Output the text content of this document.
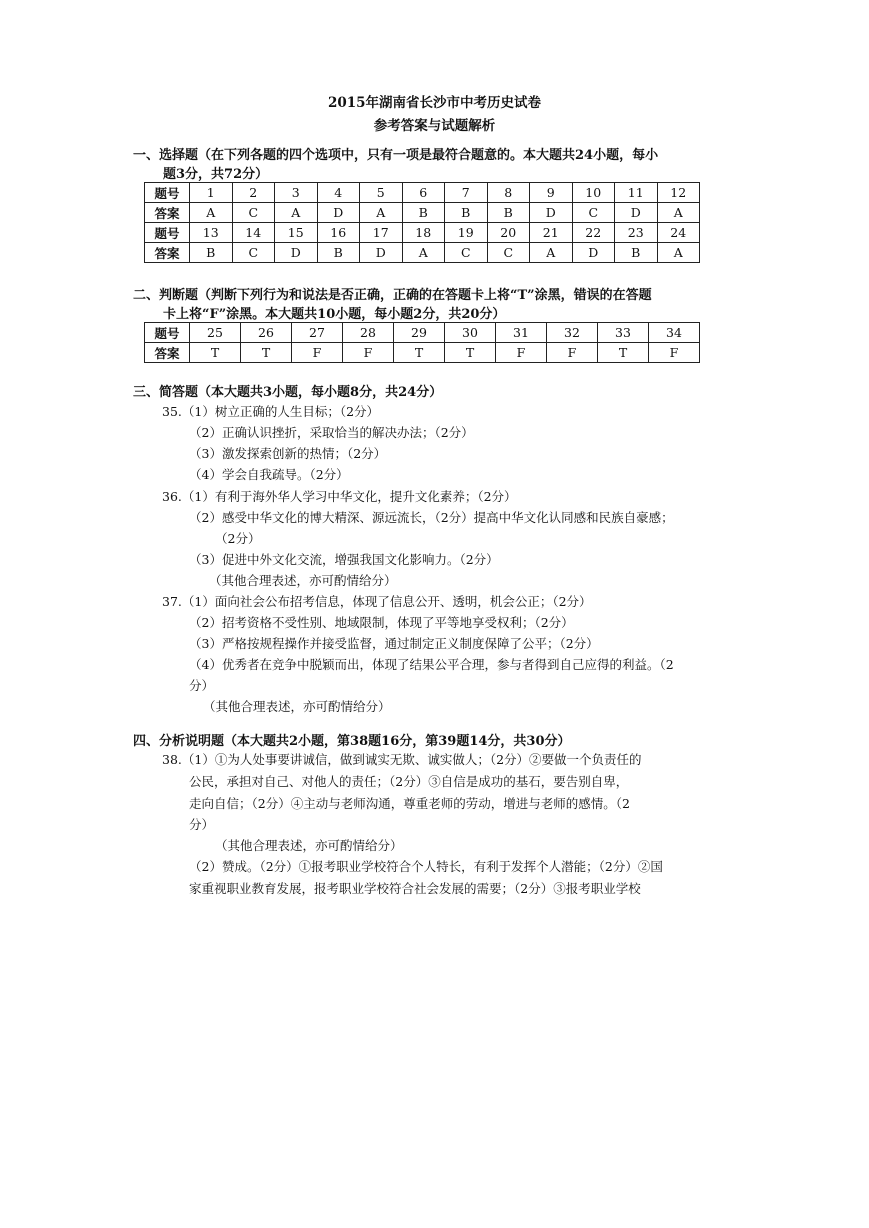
2015年湖南省长沙市中考历史试卷
参考答案与试题解析
一、选择题（在下列各题的四个选项中，只有一项是最符合题意的。本大题共24小题，每小
题3分，共72分）
题号	1	2	3	4	5	6	7	8	9	10	11	12
答案	A	C	A	D	A	B	B	B	D	C	D	A
题号	13	14	15	16	17	18	19	20	21	22	23	24
答案	B	C	D	B	D	A	C	C	A	D	B	A
二、判断题（判断下列行为和说法是否正确，正确的在答题卡上将“T”涂黑，错误的在答题
卡上将“F”涂黑。本大题共10小题，每小题2分，共20分）
题号	25	26	27	28	29	30	31	32	33	34
答案	T	T	F	F	T	T	F	F	T	F
三、简答题（本大题共3小题，每小题8分，共24分）
35.（1）树立正确的人生目标；（2分）
（2）正确认识挫折，采取恰当的解决办法；（2分）
（3）激发探索创新的热情；（2分）
（4）学会自我疏导。（2分）
36.（1）有利于海外华人学习中华文化，提升文化素养；（2分）
（2）感受中华文化的博大精深、源远流长，（2分）提高中华文化认同感和民族自豪感；
（2分）
（3）促进中外文化交流，增强我国文化影响力。（2分）
（其他合理表述，亦可酌情给分）
37.（1）面向社会公布招考信息，体现了信息公开、透明，机会公正；（2分）
（2）招考资格不受性别、地域限制，体现了平等地享受权利；（2分）
（3）严格按规程操作并接受监督，通过制定正义制度保障了公平；（2分）
（4）优秀者在竞争中脱颖而出，体现了结果公平合理，参与者得到自己应得的利益。（2
分）
（其他合理表述，亦可酌情给分）
四、分析说明题（本大题共2小题，第38题16分，第39题14分，共30分）
38.（1）①为人处事要讲诚信，做到诚实无欺、诚实做人；（2分）②要做一个负责任的
公民，承担对自己、对他人的责任；（2分）③自信是成功的基石，要告别自卑，
走向自信；（2分）④主动与老师沟通，尊重老师的劳动，增进与老师的感情。（2
分）
（其他合理表述，亦可酌情给分）
（2）赞成。（2分）①报考职业学校符合个人特长，有利于发挥个人潜能；（2分）②国
家重视职业教育发展，报考职业学校符合社会发展的需要；（2分）③报考职业学校
